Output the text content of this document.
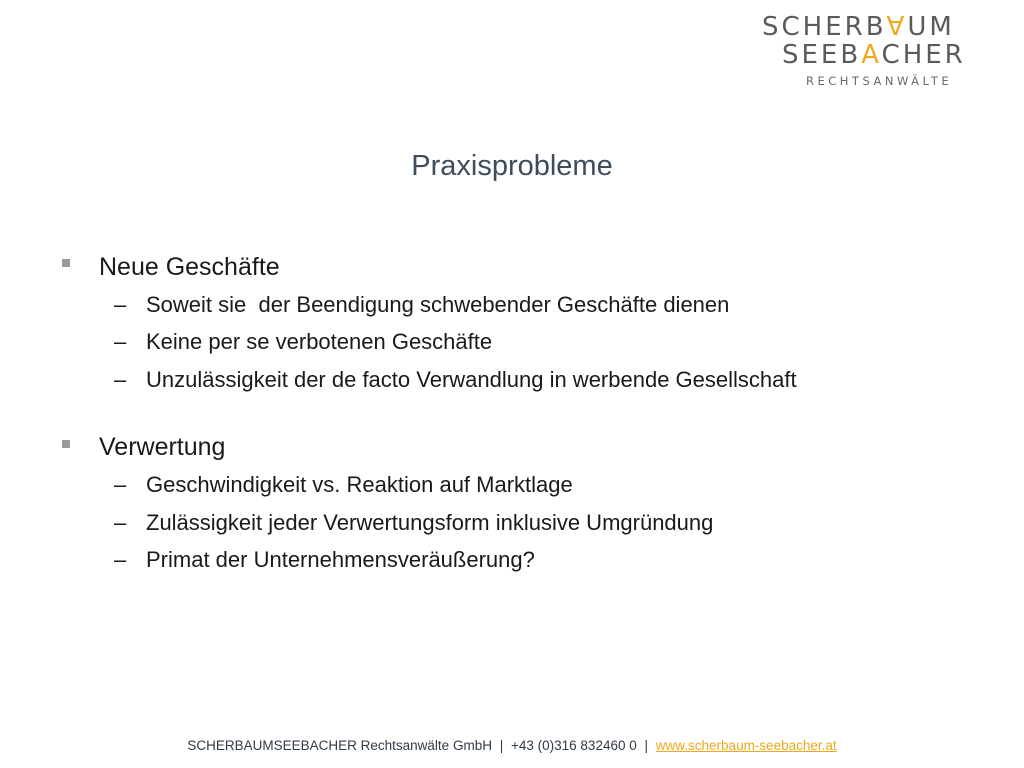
SCHERB∀UM
SEEBACHER
RECHTSANWÄLTE
Praxisprobleme
Neue Geschäfte
– Soweit sie  der Beendigung schwebender Geschäfte dienen
– Keine per se verbotenen Geschäfte
– Unzulässigkeit der de facto Verwandlung in werbende Gesellschaft
Verwertung
– Geschwindigkeit vs. Reaktion auf Marktlage
– Zulässigkeit jeder Verwertungsform inklusive Umgründung
– Primat der Unternehmensveräußerung?
SCHERBAUMSEEBACHER Rechtsanwälte GmbH | +43 (0)316 832460 0 | www.scherbaum-seebacher.at
